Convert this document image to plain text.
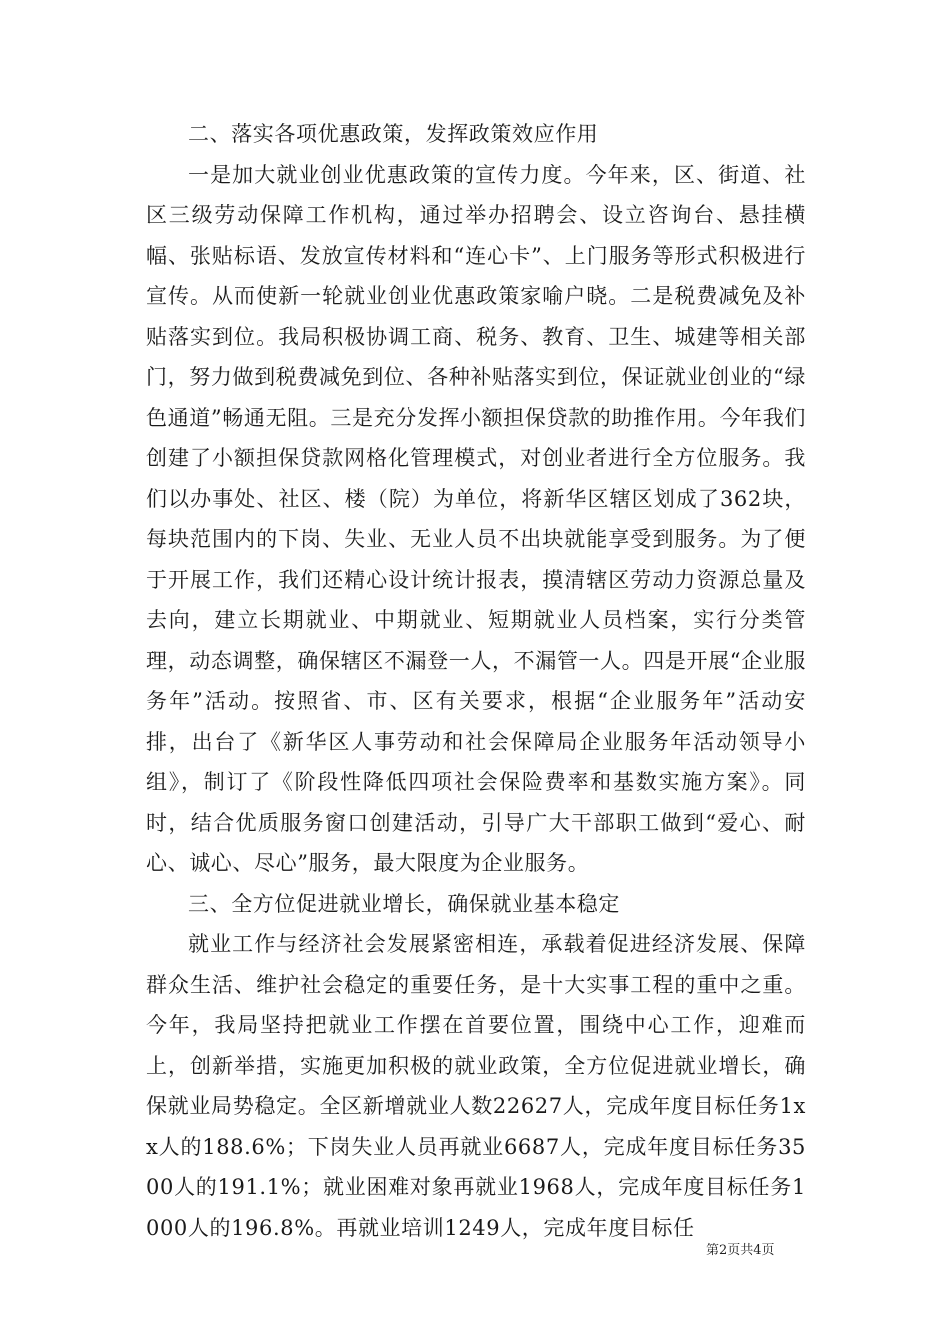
二、落实各项优惠政策，发挥政策效应作用

一是加大就业创业优惠政策的宣传力度。今年来，区、街道、社区三级劳动保障工作机构，通过举办招聘会、设立咨询台、悬挂横幅、张贴标语、发放宣传材料和“连心卡”、上门服务等形式积极进行宣传。从而使新一轮就业创业优惠政策家喻户晓。二是税费减免及补贴落实到位。我局积极协调工商、税务、教育、卫生、城建等相关部门，努力做到税费减免到位、各种补贴落实到位，保证就业创业的“绿色通道”畅通无阻。三是充分发挥小额担保贷款的助推作用。今年我们创建了小额担保贷款网格化管理模式，对创业者进行全方位服务。我们以办事处、社区、楼（院）为单位，将新华区辖区划成了362块，每块范围内的下岗、失业、无业人员不出块就能享受到服务。为了便于开展工作，我们还精心设计统计报表，摸清辖区劳动力资源总量及去向，建立长期就业、中期就业、短期就业人员档案，实行分类管理，动态调整，确保辖区不漏登一人，不漏管一人。四是开展“企业服务年”活动。按照省、市、区有关要求，根据“企业服务年”活动安排，出台了《新华区人事劳动和社会保障局企业服务年活动领导小组》，制订了《阶段性降低四项社会保险费率和基数实施方案》。同时，结合优质服务窗口创建活动，引导广大干部职工做到“爱心、耐心、诚心、尽心”服务，最大限度为企业服务。

三、全方位促进就业增长，确保就业基本稳定

就业工作与经济社会发展紧密相连，承载着促进经济发展、保障群众生活、维护社会稳定的重要任务，是十大实事工程的重中之重。今年，我局坚持把就业工作摆在首要位置，围绕中心工作，迎难而上，创新举措，实施更加积极的就业政策，全方位促进就业增长，确保就业局势稳定。全区新增就业人数22627人，完成年度目标任务1xx人的188.6%；下岗失业人员再就业6687人，完成年度目标任务3500人的191.1%；就业困难对象再就业1968人，完成年度目标任务1000人的196.8%。再就业培训1249人，完成年度目标任

第2页共4页
